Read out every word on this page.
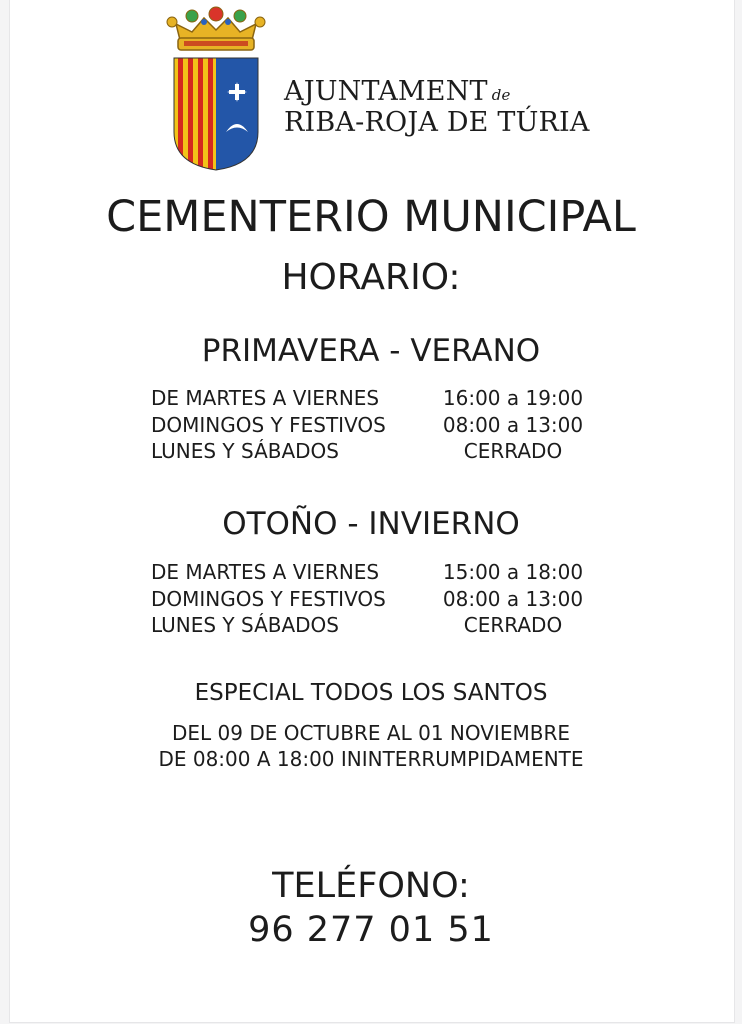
AJUNTAMENT de
RIBA-ROJA DE TÚRIA
CEMENTERIO MUNICIPAL
HORARIO:
PRIMAVERA - VERANO
DE MARTES A VIERNES	16:00 a 19:00
DOMINGOS Y FESTIVOS	08:00 a 13:00
LUNES Y SÁBADOS	CERRADO
OTOÑO - INVIERNO
DE MARTES A VIERNES	15:00 a 18:00
DOMINGOS Y FESTIVOS	08:00 a 13:00
LUNES Y SÁBADOS	CERRADO
ESPECIAL TODOS LOS SANTOS
DEL 09 DE OCTUBRE AL 01 NOVIEMBRE
DE 08:00 A 18:00 ININTERRUMPIDAMENTE
TELÉFONO:
96 277 01 51
